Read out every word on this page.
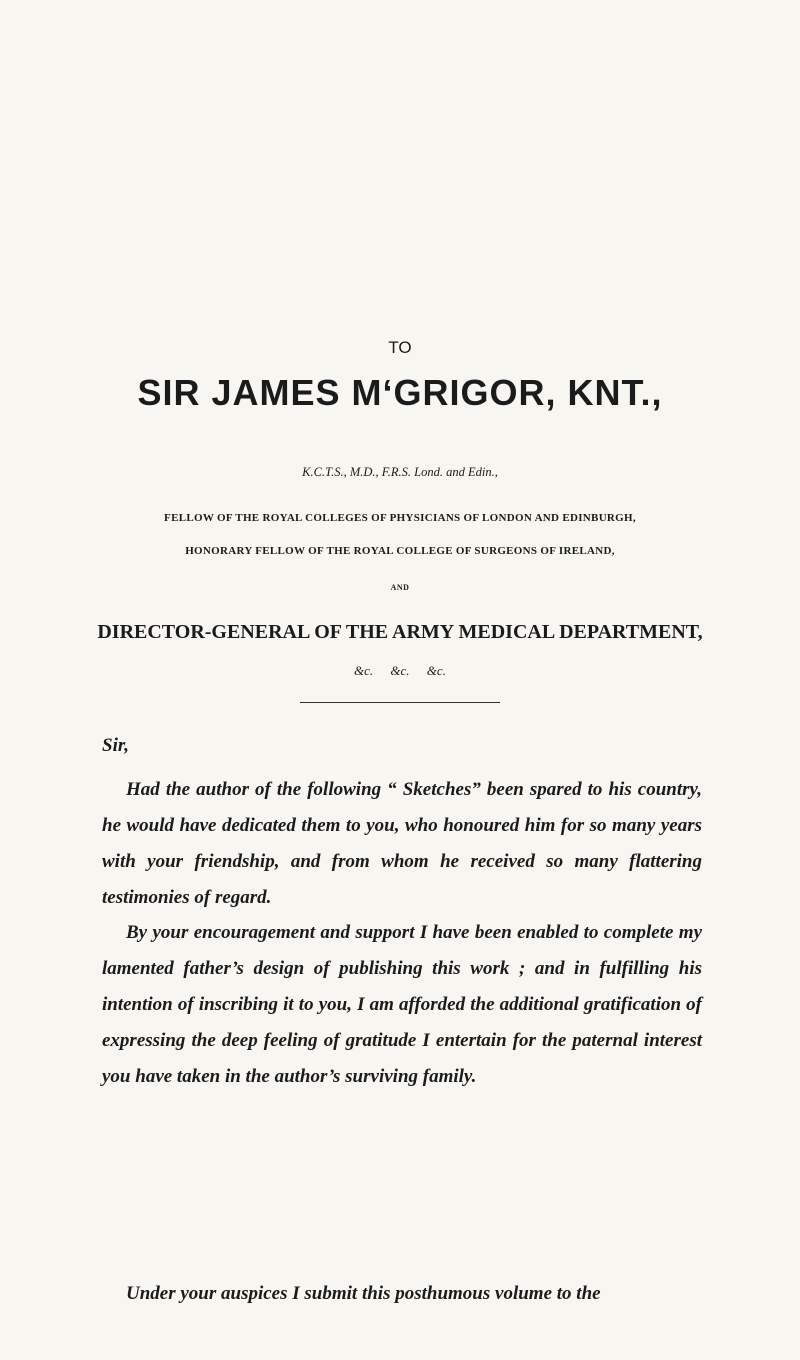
TO
SIR JAMES M‘GRIGOR, KNT.,
K.C.T.S., M.D., F.R.S. Lond. and Edin.,
FELLOW OF THE ROYAL COLLEGES OF PHYSICIANS OF LONDON AND EDINBURGH,
HONORARY FELLOW OF THE ROYAL COLLEGE OF SURGEONS OF IRELAND,
AND
DIRECTOR-GENERAL OF THE ARMY MEDICAL DEPARTMENT,
&c. &c. &c.
Sir,
Had the author of the following “ Sketches” been spared to his country, he would have dedicated them to you, who honoured him for so many years with your friendship, and from whom he received so many flattering testimonies of regard.
By your encouragement and support I have been enabled to complete my lamented father’s design of publishing this work ; and in fulfilling his intention of inscribing it to you, I am afforded the additional gratification of expressing the deep feeling of gratitude I entertain for the paternal interest you have taken in the author’s surviving family.
Under your auspices I submit this posthumous volume to the
